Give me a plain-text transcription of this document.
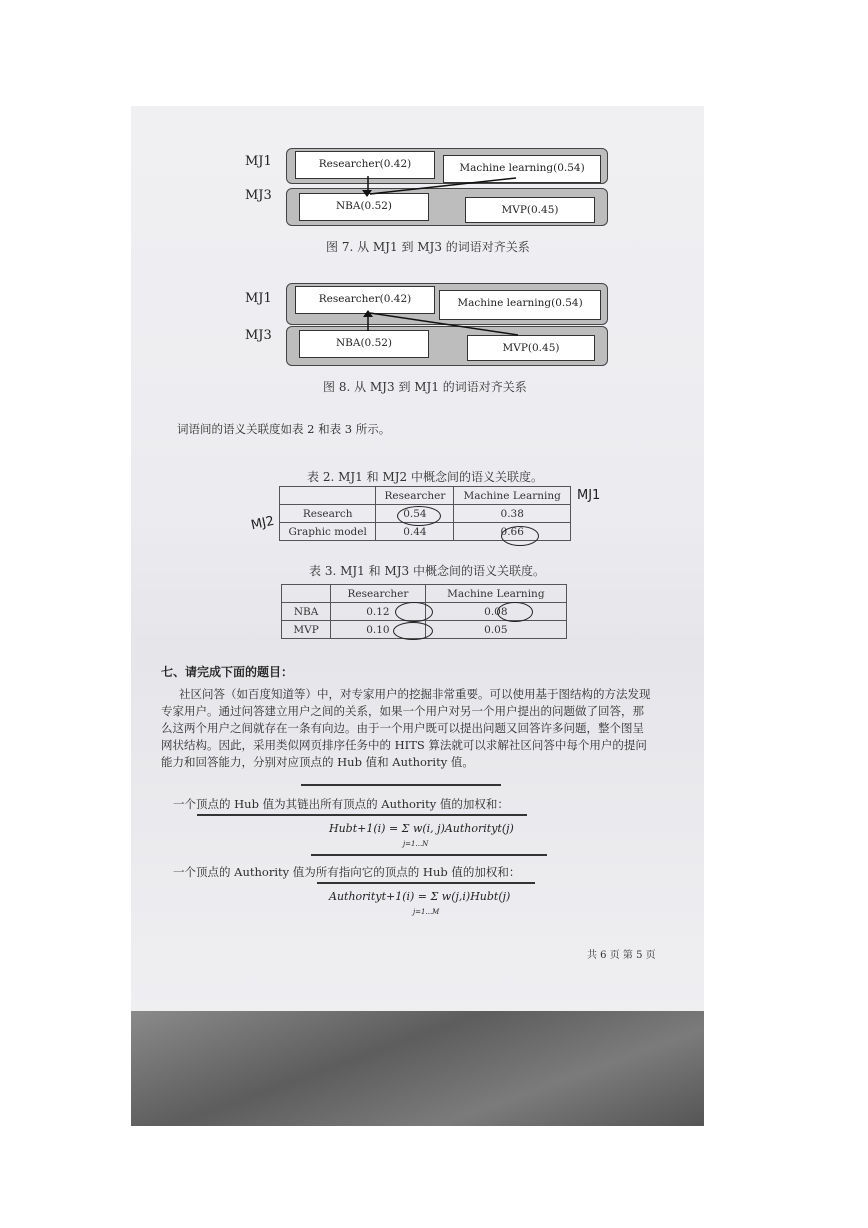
MJ1
MJ3
Researcher(0.42)	Machine learning(0.54)
NBA(0.52)	MVP(0.45)
图 7. 从 MJ1 到 MJ3 的词语对齐关系
MJ1
MJ3
Researcher(0.42)	Machine learning(0.54)
NBA(0.52)	MVP(0.45)
图 8. 从 MJ3 到 MJ1 的词语对齐关系
词语间的语义关联度如表 2 和表 3 所示。
表 2. MJ1 和 MJ2 中概念间的语义关联度。
	Researcher	Machine Learning
Research	0.54	0.38
Graphic model	0.44	0.66
MJ1
MJ2
表 3. MJ1 和 MJ3 中概念间的语义关联度。
	Researcher	Machine Learning
NBA	0.12	0.08
MVP	0.10	0.05
七、请完成下面的题目：
社区问答（如百度知道等）中，对专家用户的挖掘非常重要。可以使用基于图结构的方法发现
专家用户。通过问答建立用户之间的关系，如果一个用户对另一个用户提出的问题做了回答，那
么这两个用户之间就存在一条有向边。由于一个用户既可以提出问题又回答许多问题，整个图呈
网状结构。因此，采用类似网页排序任务中的 HITS 算法就可以求解社区问答中每个用户的提问
能力和回答能力，分别对应顶点的 Hub 值和 Authority 值。
一个顶点的 Hub 值为其链出所有顶点的 Authority 值的加权和：
Hubt+1(i) = Σ w(i, j)Authorityt(j)
j=1...N
一个顶点的 Authority 值为所有指向它的顶点的 Hub 值的加权和：
Authorityt+1(i) = Σ w(j,i)Hubt(j)
j=1...M
共 6 页 第 5 页
